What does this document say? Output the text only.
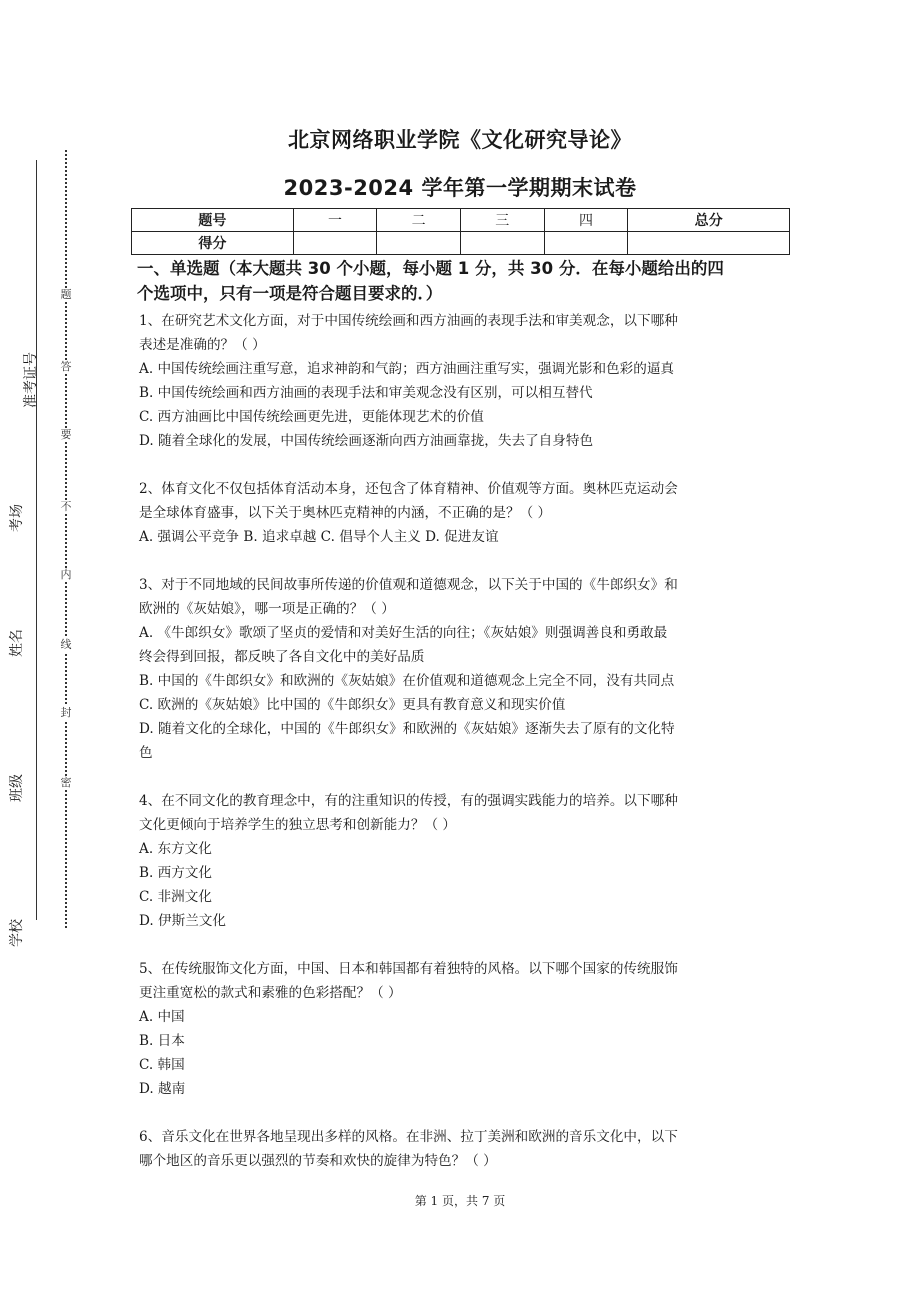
题
答
要
不
内
线
封
密
准考证号
考场
姓名
班级
学校
北京网络职业学院《文化研究导论》
2023-2024 学年第一学期期末试卷
题号	一	二	三	四	总分
得分					
一、单选题（本大题共 30 个小题，每小题 1 分，共 30 分．在每小题给出的四
个选项中，只有一项是符合题目要求的．）

1、在研究艺术文化方面，对于中国传统绘画和西方油画的表现手法和审美观念，以下哪种

表述是准确的？（ ）

A. 中国传统绘画注重写意，追求神韵和气韵；西方油画注重写实，强调光影和色彩的逼真

B. 中国传统绘画和西方油画的表现手法和审美观念没有区别，可以相互替代

C. 西方油画比中国传统绘画更先进，更能体现艺术的价值

D. 随着全球化的发展，中国传统绘画逐渐向西方油画靠拢，失去了自身特色

2、体育文化不仅包括体育活动本身，还包含了体育精神、价值观等方面。奥林匹克运动会

是全球体育盛事，以下关于奥林匹克精神的内涵，不正确的是？（ ）

A. 强调公平竞争 B. 追求卓越 C. 倡导个人主义 D. 促进友谊

3、对于不同地域的民间故事所传递的价值观和道德观念，以下关于中国的《牛郎织女》和

欧洲的《灰姑娘》，哪一项是正确的？（ ）

A. 《牛郎织女》歌颂了坚贞的爱情和对美好生活的向往；《灰姑娘》则强调善良和勇敢最

终会得到回报，都反映了各自文化中的美好品质

B. 中国的《牛郎织女》和欧洲的《灰姑娘》在价值观和道德观念上完全不同，没有共同点

C. 欧洲的《灰姑娘》比中国的《牛郎织女》更具有教育意义和现实价值

D. 随着文化的全球化，中国的《牛郎织女》和欧洲的《灰姑娘》逐渐失去了原有的文化特

色

4、在不同文化的教育理念中，有的注重知识的传授，有的强调实践能力的培养。以下哪种

文化更倾向于培养学生的独立思考和创新能力？（ ）

A. 东方文化

B. 西方文化

C. 非洲文化

D. 伊斯兰文化

5、在传统服饰文化方面，中国、日本和韩国都有着独特的风格。以下哪个国家的传统服饰

更注重宽松的款式和素雅的色彩搭配？（ ）

A. 中国

B. 日本

C. 韩国

D. 越南

6、音乐文化在世界各地呈现出多样的风格。在非洲、拉丁美洲和欧洲的音乐文化中，以下

哪个地区的音乐更以强烈的节奏和欢快的旋律为特色？（ ）

第 1 页，共 7 页
